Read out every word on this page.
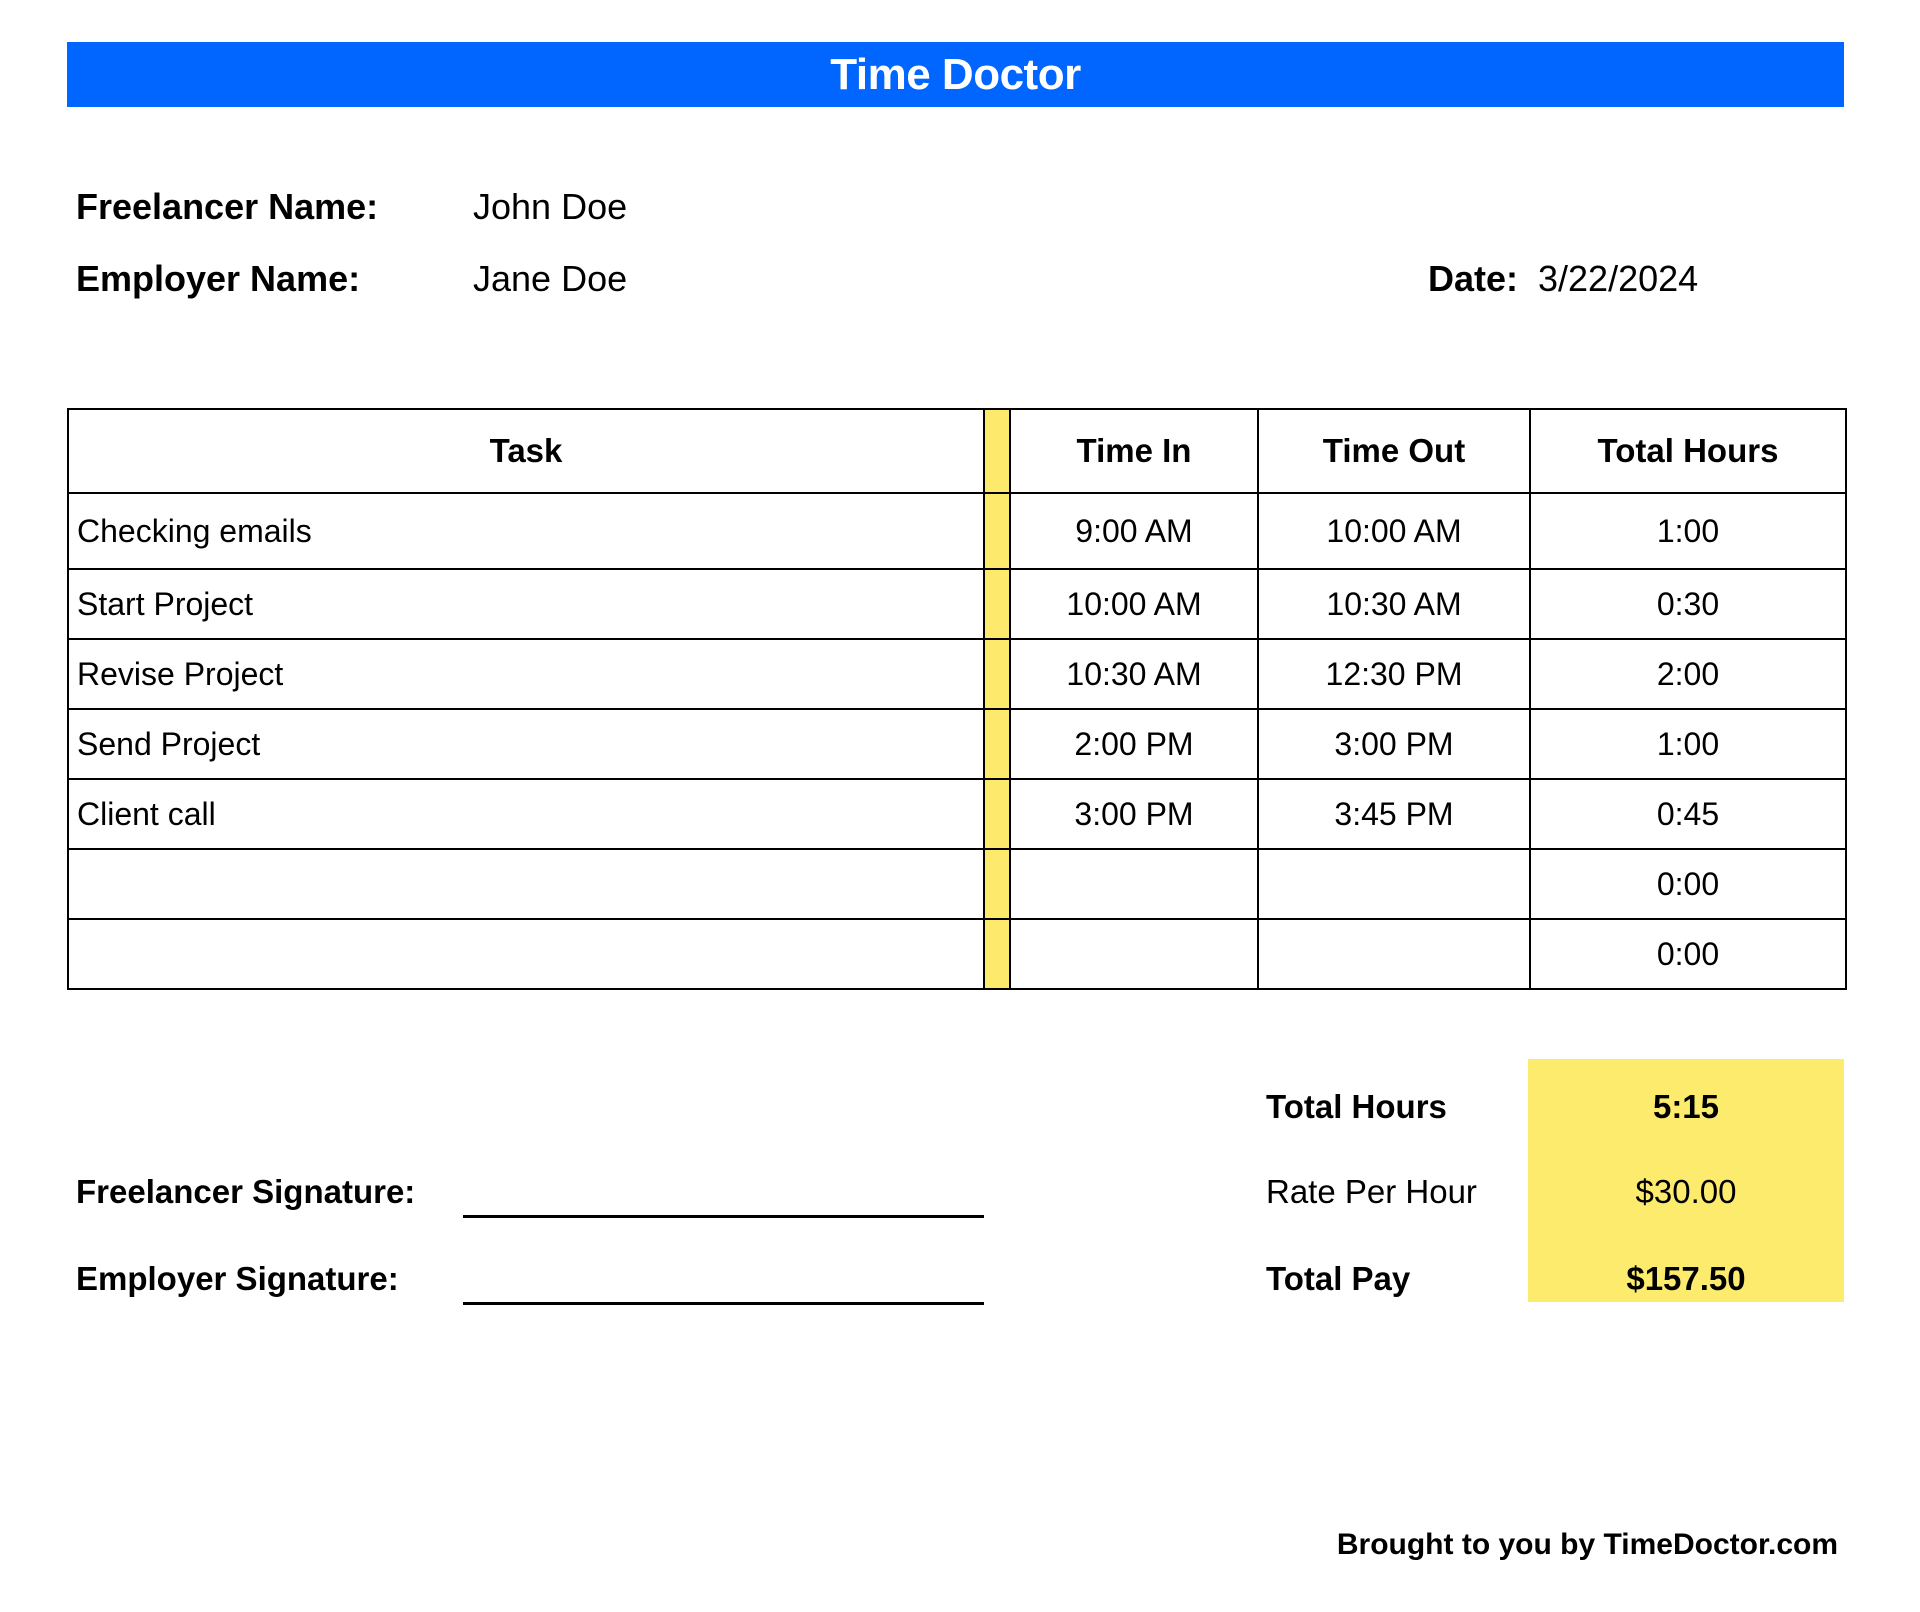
Time Doctor
Freelancer Name:	John Doe
Employer Name:	Jane Doe	Date: 3/22/2024
Task		Time In	Time Out	Total Hours
Checking emails		9:00 AM	10:00 AM	1:00
Start Project		10:00 AM	10:30 AM	0:30
Revise Project		10:30 AM	12:30 PM	2:00
Send Project		2:00 PM	3:00 PM	1:00
Client call		3:00 PM	3:45 PM	0:45
				0:00
				0:00
Total Hours	5:15
Rate Per Hour	$30.00
Total Pay	$157.50
Freelancer Signature:
Employer Signature:
Brought to you by TimeDoctor.com
